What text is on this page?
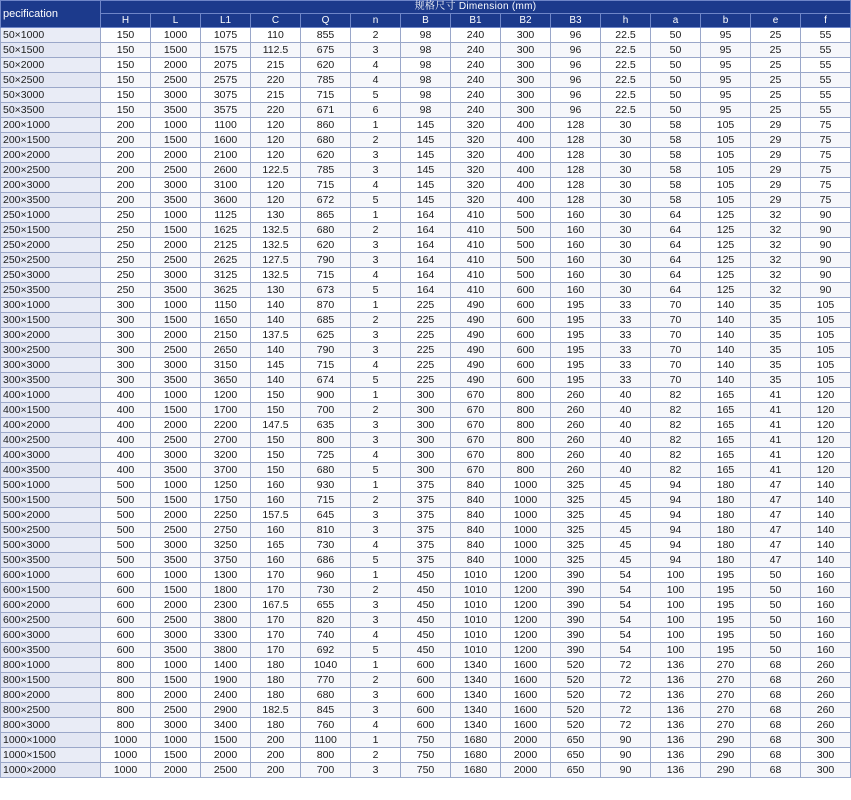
pecification	规格尺寸 Dimension (mm)														
	H	L	L1	C	Q	n	B	B1	B2	B3	h	a	b	e	f
50×1000	150	1000	1075	110	855	2	98	240	300	96	22.5	50	95	25	55
50×1500	150	1500	1575	112.5	675	3	98	240	300	96	22.5	50	95	25	55
50×2000	150	2000	2075	215	620	4	98	240	300	96	22.5	50	95	25	55
50×2500	150	2500	2575	220	785	4	98	240	300	96	22.5	50	95	25	55
50×3000	150	3000	3075	215	715	5	98	240	300	96	22.5	50	95	25	55
50×3500	150	3500	3575	220	671	6	98	240	300	96	22.5	50	95	25	55
200×1000	200	1000	1100	120	860	1	145	320	400	128	30	58	105	29	75
200×1500	200	1500	1600	120	680	2	145	320	400	128	30	58	105	29	75
200×2000	200	2000	2100	120	620	3	145	320	400	128	30	58	105	29	75
200×2500	200	2500	2600	122.5	785	3	145	320	400	128	30	58	105	29	75
200×3000	200	3000	3100	120	715	4	145	320	400	128	30	58	105	29	75
200×3500	200	3500	3600	120	672	5	145	320	400	128	30	58	105	29	75
250×1000	250	1000	1125	130	865	1	164	410	500	160	30	64	125	32	90
250×1500	250	1500	1625	132.5	680	2	164	410	500	160	30	64	125	32	90
250×2000	250	2000	2125	132.5	620	3	164	410	500	160	30	64	125	32	90
250×2500	250	2500	2625	127.5	790	3	164	410	500	160	30	64	125	32	90
250×3000	250	3000	3125	132.5	715	4	164	410	500	160	30	64	125	32	90
250×3500	250	3500	3625	130	673	5	164	410	600	160	30	64	125	32	90
300×1000	300	1000	1150	140	870	1	225	490	600	195	33	70	140	35	105
300×1500	300	1500	1650	140	685	2	225	490	600	195	33	70	140	35	105
300×2000	300	2000	2150	137.5	625	3	225	490	600	195	33	70	140	35	105
300×2500	300	2500	2650	140	790	3	225	490	600	195	33	70	140	35	105
300×3000	300	3000	3150	145	715	4	225	490	600	195	33	70	140	35	105
300×3500	300	3500	3650	140	674	5	225	490	600	195	33	70	140	35	105
400×1000	400	1000	1200	150	900	1	300	670	800	260	40	82	165	41	120
400×1500	400	1500	1700	150	700	2	300	670	800	260	40	82	165	41	120
400×2000	400	2000	2200	147.5	635	3	300	670	800	260	40	82	165	41	120
400×2500	400	2500	2700	150	800	3	300	670	800	260	40	82	165	41	120
400×3000	400	3000	3200	150	725	4	300	670	800	260	40	82	165	41	120
400×3500	400	3500	3700	150	680	5	300	670	800	260	40	82	165	41	120
500×1000	500	1000	1250	160	930	1	375	840	1000	325	45	94	180	47	140
500×1500	500	1500	1750	160	715	2	375	840	1000	325	45	94	180	47	140
500×2000	500	2000	2250	157.5	645	3	375	840	1000	325	45	94	180	47	140
500×2500	500	2500	2750	160	810	3	375	840	1000	325	45	94	180	47	140
500×3000	500	3000	3250	165	730	4	375	840	1000	325	45	94	180	47	140
500×3500	500	3500	3750	160	686	5	375	840	1000	325	45	94	180	47	140
600×1000	600	1000	1300	170	960	1	450	1010	1200	390	54	100	195	50	160
600×1500	600	1500	1800	170	730	2	450	1010	1200	390	54	100	195	50	160
600×2000	600	2000	2300	167.5	655	3	450	1010	1200	390	54	100	195	50	160
600×2500	600	2500	3800	170	820	3	450	1010	1200	390	54	100	195	50	160
600×3000	600	3000	3300	170	740	4	450	1010	1200	390	54	100	195	50	160
600×3500	600	3500	3800	170	692	5	450	1010	1200	390	54	100	195	50	160
800×1000	800	1000	1400	180	1040	1	600	1340	1600	520	72	136	270	68	260
800×1500	800	1500	1900	180	770	2	600	1340	1600	520	72	136	270	68	260
800×2000	800	2000	2400	180	680	3	600	1340	1600	520	72	136	270	68	260
800×2500	800	2500	2900	182.5	845	3	600	1340	1600	520	72	136	270	68	260
800×3000	800	3000	3400	180	760	4	600	1340	1600	520	72	136	270	68	260
1000×1000	1000	1000	1500	200	1100	1	750	1680	2000	650	90	136	290	68	300
1000×1500	1000	1500	2000	200	800	2	750	1680	2000	650	90	136	290	68	300
1000×2000	1000	2000	2500	200	700	3	750	1680	2000	650	90	136	290	68	300
